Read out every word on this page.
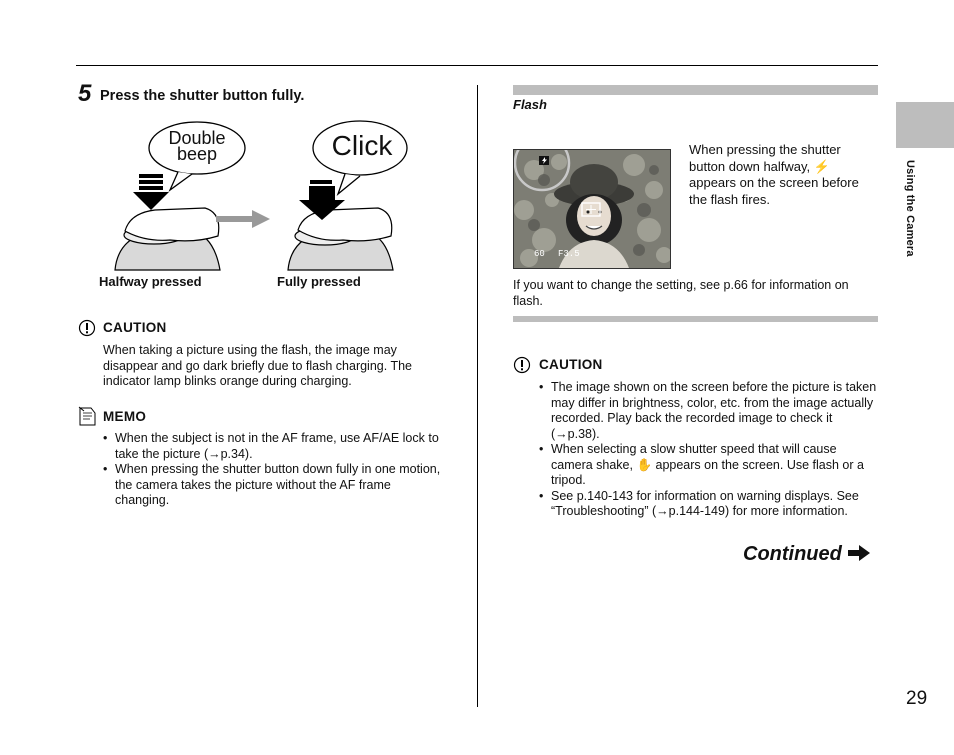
5 Press the shutter button fully.
Double
beep	Click
Halfway pressed	Fully pressed
CAUTION
When taking a picture using the flash, the image may disappear and go dark briefly due to flash charging. The indicator lamp blinks orange during charging.
MEMO
• When the subject is not in the AF frame, use AF/AE lock to take the picture (→p.34).
• When pressing the shutter button down fully in one motion, the camera takes the picture without the AF frame changing.
Flash
60 F3.5
When pressing the shutter button down halfway, ⚡ appears on the screen before the flash fires.
If you want to change the setting, see p.66 for information on flash.
CAUTION
• The image shown on the screen before the picture is taken may differ in brightness, color, etc. from the image actually recorded. Play back the recorded image to check it (→p.38).
• When selecting a slow shutter speed that will cause camera shake, ✋ appears on the screen. Use flash or a tripod.
• See p.140-143 for information on warning displays. See “Troubleshooting” (→p.144-149) for more information.
Continued
Using the Camera
29
